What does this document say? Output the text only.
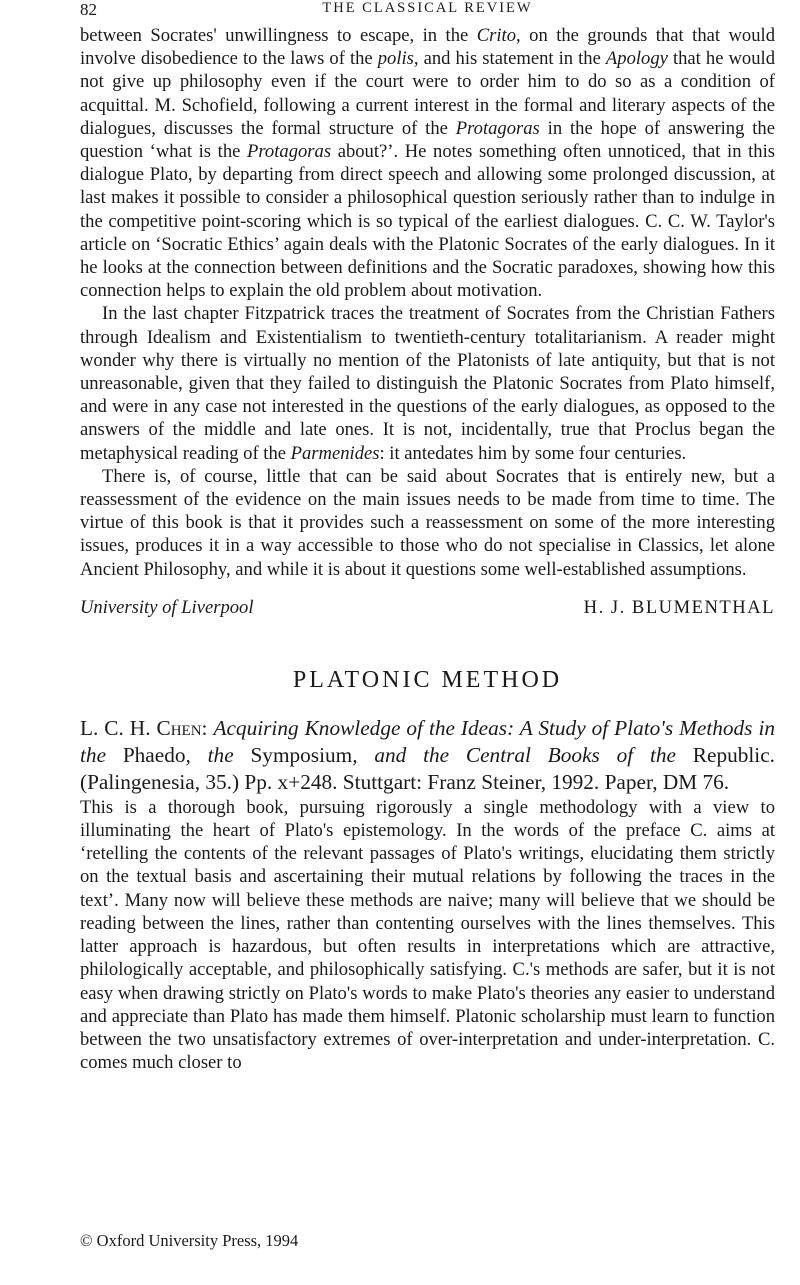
82	THE CLASSICAL REVIEW

between Socrates' unwillingness to escape, in the Crito, on the grounds that that would involve disobedience to the laws of the polis, and his statement in the Apology that he would not give up philosophy even if the court were to order him to do so as a condition of acquittal. M. Schofield, following a current interest in the formal and literary aspects of the dialogues, discusses the formal structure of the Protagoras in the hope of answering the question ‘what is the Protagoras about?’. He notes something often unnoticed, that in this dialogue Plato, by departing from direct speech and allowing some prolonged discussion, at last makes it possible to consider a philosophical question seriously rather than to indulge in the competitive point-scoring which is so typical of the earliest dialogues. C. C. W. Taylor's article on ‘Socratic Ethics’ again deals with the Platonic Socrates of the early dialogues. In it he looks at the connection between definitions and the Socratic paradoxes, showing how this connection helps to explain the old problem about motivation.

In the last chapter Fitzpatrick traces the treatment of Socrates from the Christian Fathers through Idealism and Existentialism to twentieth-century totalitarianism. A reader might wonder why there is virtually no mention of the Platonists of late antiquity, but that is not unreasonable, given that they failed to distinguish the Platonic Socrates from Plato himself, and were in any case not interested in the questions of the early dialogues, as opposed to the answers of the middle and late ones. It is not, incidentally, true that Proclus began the metaphysical reading of the Parmenides: it antedates him by some four centuries.

There is, of course, little that can be said about Socrates that is entirely new, but a reassessment of the evidence on the main issues needs to be made from time to time. The virtue of this book is that it provides such a reassessment on some of the more interesting issues, produces it in a way accessible to those who do not specialise in Classics, let alone Ancient Philosophy, and while it is about it questions some well-established assumptions.

University of Liverpool	H. J. BLUMENTHAL
PLATONIC METHOD
L. C. H. Chen: Acquiring Knowledge of the Ideas: A Study of Plato's Methods in the Phaedo, the Symposium, and the Central Books of the Republic. (Palingenesia, 35.) Pp. x+248. Stuttgart: Franz Steiner, 1992. Paper, DM 76.

This is a thorough book, pursuing rigorously a single methodology with a view to illuminating the heart of Plato's epistemology. In the words of the preface C. aims at ‘retelling the contents of the relevant passages of Plato's writings, elucidating them strictly on the textual basis and ascertaining their mutual relations by following the traces in the text’. Many now will believe these methods are naive; many will believe that we should be reading between the lines, rather than contenting ourselves with the lines themselves. This latter approach is hazardous, but often results in interpretations which are attractive, philologically acceptable, and philosophically satisfying. C.'s methods are safer, but it is not easy when drawing strictly on Plato's words to make Plato's theories any easier to understand and appreciate than Plato has made them himself. Platonic scholarship must learn to function between the two unsatisfactory extremes of over-interpretation and under-interpretation. C. comes much closer to

© Oxford University Press, 1994
